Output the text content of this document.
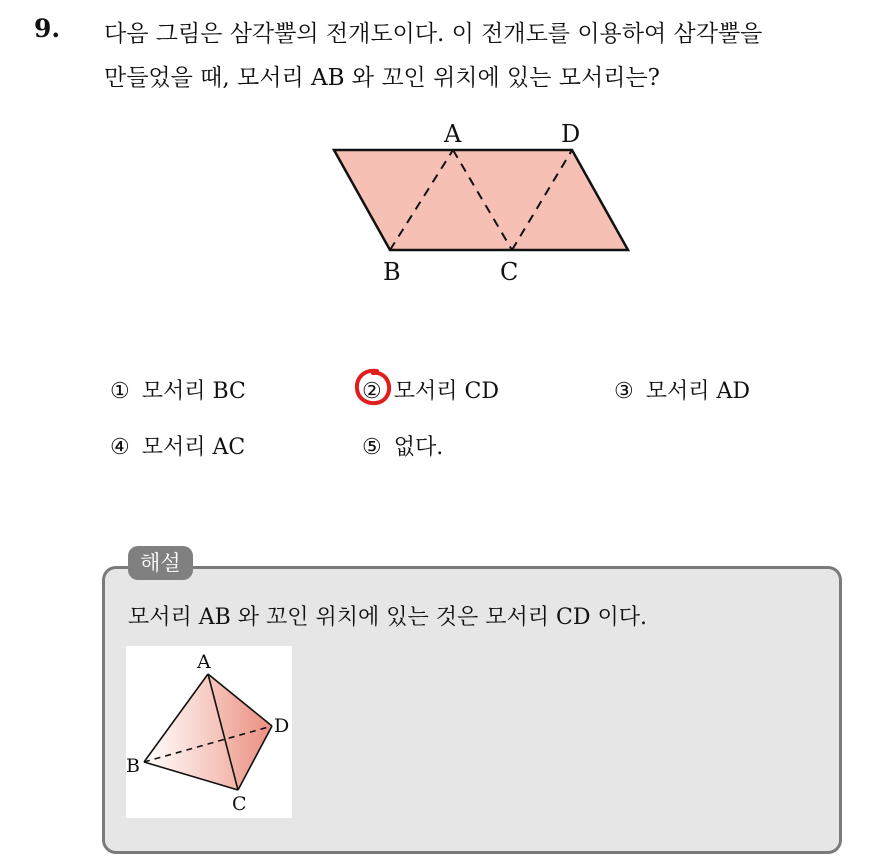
9. 다음 그림은 삼각뿔의 전개도이다. 이 전개도를 이용하여 삼각뿔을
만들었을 때, 모서리 AB 와 꼬인 위치에 있는 모서리는?

A	D
B	C
① 모서리 BC	② 모서리 CD	③ 모서리 AD
④ 모서리 AC	⑤ 없다.
해설
모서리 AB 와 꼬인 위치에 있는 것은 모서리 CD 이다.
A
B
C
D
